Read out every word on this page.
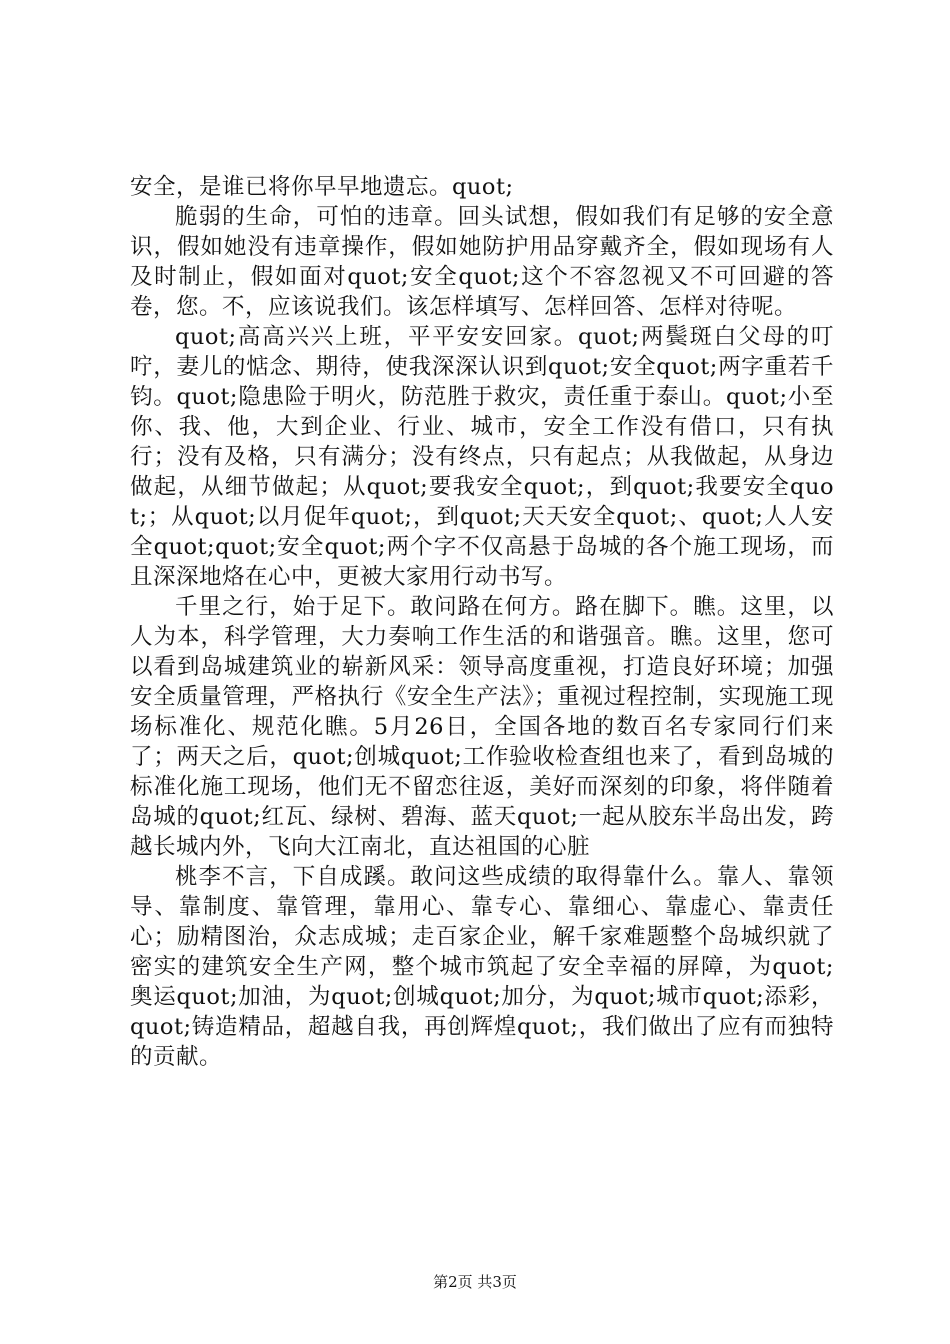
安全，是谁已将你早早地遗忘。quot;

脆弱的生命，可怕的违章。回头试想，假如我们有足够的安全意识，假如她没有违章操作，假如她防护用品穿戴齐全，假如现场有人及时制止，假如面对quot;安全quot;这个不容忽视又不可回避的答卷，您。不，应该说我们。该怎样填写、怎样回答、怎样对待呢。

quot;高高兴兴上班，平平安安回家。quot;两鬓斑白父母的叮咛，妻儿的惦念、期待，使我深深认识到quot;安全quot;两字重若千钧。quot;隐患险于明火，防范胜于救灾，责任重于泰山。quot;小至你、我、他，大到企业、行业、城市，安全工作没有借口，只有执行；没有及格，只有满分；没有终点，只有起点；从我做起，从身边做起，从细节做起；从quot;要我安全quot;，到quot;我要安全quot;；从quot;以月促年quot;，到quot;天天安全quot;、quot;人人安全quot;quot;安全quot;两个字不仅高悬于岛城的各个施工现场，而且深深地烙在心中，更被大家用行动书写。

千里之行，始于足下。敢问路在何方。路在脚下。瞧。这里，以人为本，科学管理，大力奏响工作生活的和谐强音。瞧。这里，您可以看到岛城建筑业的崭新风采：领导高度重视，打造良好环境；加强安全质量管理，严格执行《安全生产法》；重视过程控制，实现施工现场标准化、规范化瞧。5月26日，全国各地的数百名专家同行们来了；两天之后，quot;创城quot;工作验收检查组也来了，看到岛城的标准化施工现场，他们无不留恋往返，美好而深刻的印象，将伴随着岛城的quot;红瓦、绿树、碧海、蓝天quot;一起从胶东半岛出发，跨越长城内外，飞向大江南北，直达祖国的心脏

桃李不言，下自成蹊。敢问这些成绩的取得靠什么。靠人、靠领导、靠制度、靠管理，靠用心、靠专心、靠细心、靠虚心、靠责任心；励精图治，众志成城；走百家企业，解千家难题整个岛城织就了密实的建筑安全生产网，整个城市筑起了安全幸福的屏障，为quot;奥运quot;加油，为quot;创城quot;加分，为quot;城市quot;添彩，quot;铸造精品，超越自我，再创辉煌quot;，我们做出了应有而独特的贡献。

第2页 共3页
